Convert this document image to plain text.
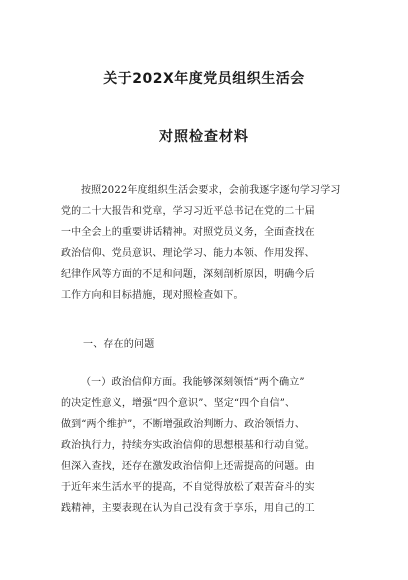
关于202X年度党员组织生活会
对照检查材料

按照2022年度组织生活会要求，会前我逐字逐句学习学习
党的二十大报告和党章，学习习近平总书记在党的二十届
一中全会上的重要讲话精神。对照党员义务，全面查找在
政治信仰、党员意识、理论学习、能力本领、作用发挥、
纪律作风等方面的不足和问题，深刻剖析原因，明确今后
工作方向和目标措施，现对照检查如下。

一、存在的问题

（一）政治信仰方面。我能够深刻领悟“两个确立”
的决定性意义，增强“四个意识”、坚定“四个自信”、
做到“两个维护”，不断增强政治判断力、政治领悟力、
政治执行力，持续夯实政治信仰的思想根基和行动自觉。
但深入查找，还存在激发政治信仰上还需提高的问题。由
于近年来生活水平的提高，不自觉得放松了艰苦奋斗的实
践精神，主要表现在认为自己没有贪于享乐，用自己的工
